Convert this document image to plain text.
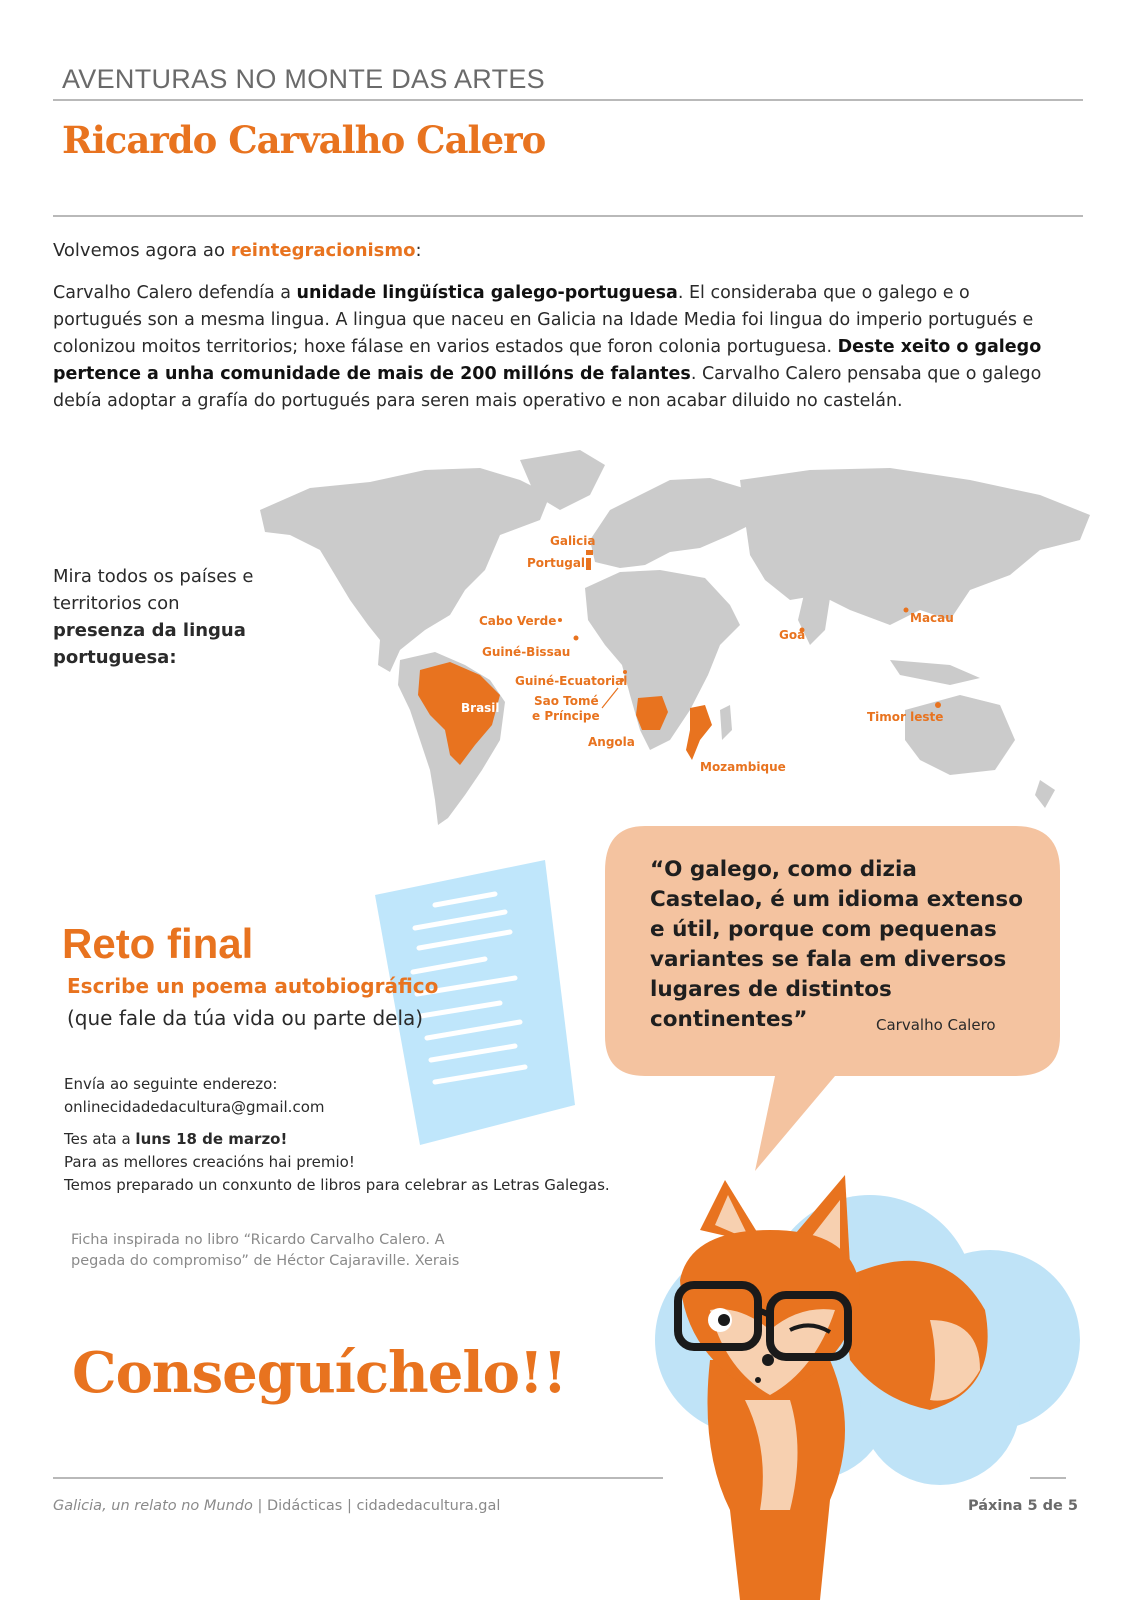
AVENTURAS NO MONTE DAS ARTES
Ricardo Carvalho Calero
Volvemos agora ao reintegracionismo:
Carvalho Calero defendía a unidade lingüística galego-portuguesa. El consideraba que o galego e o portugués son a mesma lingua. A lingua que naceu en Galicia na Idade Media foi lingua do imperio portugués e colonizou moitos territorios; hoxe fálase en varios estados que foron colonia portuguesa. Deste xeito o galego pertence a unha comunidade de mais de 200 millóns de falantes. Carvalho Calero pensaba que o galego debía adoptar a grafía do portugués para seren mais operativo e non acabar diluido no castelán.
Mira todos os países e territorios con
presenza da lingua portuguesa:
Galicia
Portugal
Cabo Verde
Guiné-Bissau
Guiné-Ecuatorial
Sao Tomé
e Príncipe
Brasil
Angola
Mozambique
Goa
Macau
Timor leste
Reto final
Escribe un poema autobiográfico
(que fale da túa vida ou parte dela)
Envía ao seguinte enderezo:
onlinecidadedacultura@gmail.com
Tes ata a luns 18 de marzo!
Para as mellores creacións hai premio!
Temos preparado un conxunto de libros para celebrar as Letras Galegas.
Ficha inspirada no libro “Ricardo Carvalho Calero. A pegada do compromiso” de Héctor Cajaraville. Xerais
“O galego, como dizia Castelao, é um idioma extenso e útil, porque com pequenas variantes se fala em diversos lugares de distintos continentes”	Carvalho Calero
Conseguíchelo!!
Galicia, un relato no Mundo | Didácticas | cidadedacultura.gal	Páxina 5 de 5
